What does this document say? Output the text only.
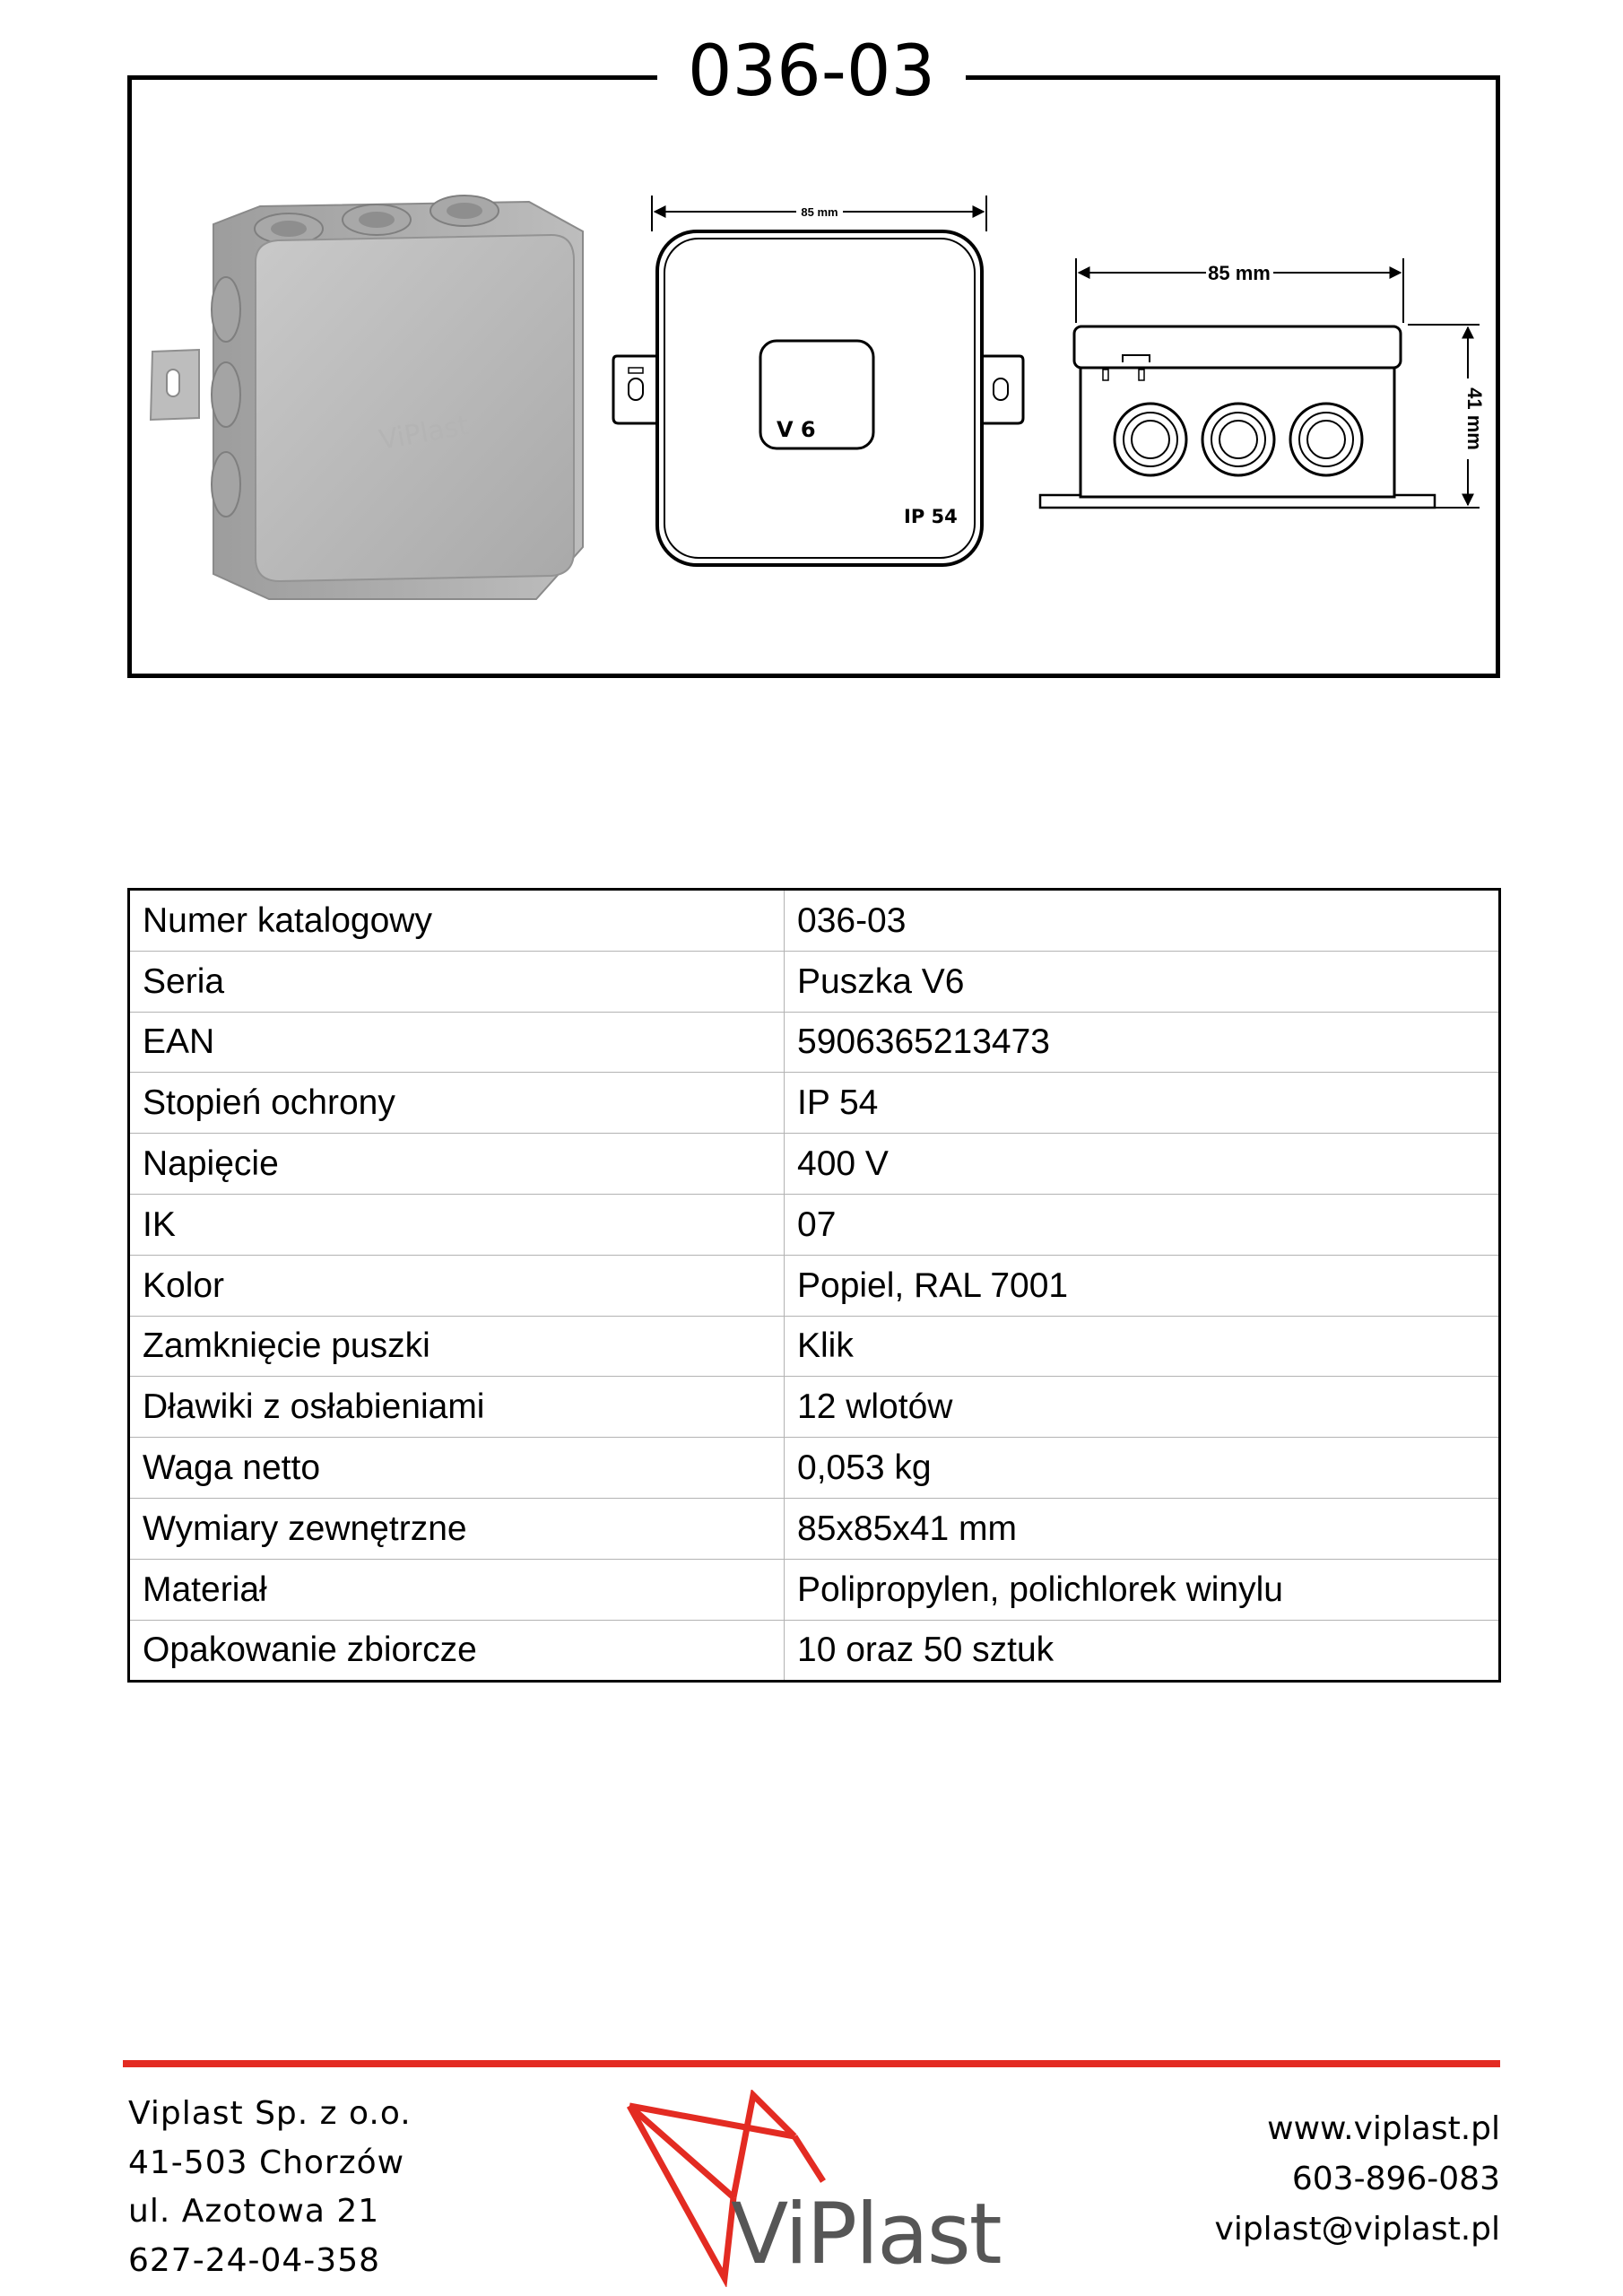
036-03
ViPlast
85 mm
V 6
IP 54
85 mm
41 mm
Numer katalogowy	036-03
Seria	Puszka V6
EAN	5906365213473
Stopień ochrony	IP 54
Napięcie	400 V
IK	07
Kolor	Popiel, RAL 7001
Zamknięcie puszki	Klik
Dławiki z osłabieniami	12 wlotów
Waga netto	0,053 kg
Wymiary zewnętrzne	85x85x41 mm
Materiał	Polipropylen, polichlorek winylu
Opakowanie zbiorcze	10 oraz 50 sztuk
Viplast Sp. z o.o.
41-503 Chorzów
ul. Azotowa 21
627-24-04-358	ViPlast
www.viplast.pl
603-896-083
viplast@viplast.pl
